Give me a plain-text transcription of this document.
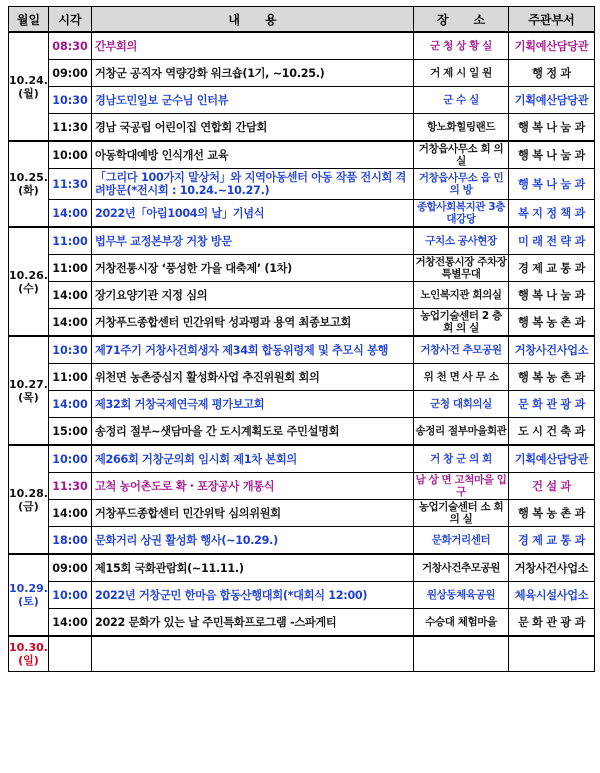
월일	시각	내      용	장      소	주관부서

10.24.
(월)	08:30	간부회의	군 청 상 황 실	기획예산담당관
	09:00	거창군 공직자 역량강화 워크숍(1기, ~10.25.)	거 제 시 일 원	행 정 과
	10:30	경남도민일보 군수님 인터뷰	군 수 실	기획예산담당관
	11:30	경남 국공립 어린이집 연합회 간담회	항노화힐링랜드	행 복 나 눔 과

10.25.
(화)	10:00	아동학대예방 인식개선 교육	거창읍사무소 회 의 실	행 복 나 눔 과
	11:30	「그리다 100가지 말상처」와 지역아동센터 아동 작품 전시회 격려방문(*전시회 : 10.24.~10.27.)	거창읍사무소 읍 민 의 방	행 복 나 눔 과
	14:00	2022년「아림1004의 날」기념식	종합사회복지관 3층 대강당	복 지 정 책 과

10.26.
(수)	11:00	법무부 교정본부장 거창 방문	구치소 공사현장	미 래 전 략 과
	11:00	거창전통시장 ‘풍성한 가을 대축제’ (1차)	거창전통시장 주차장특별무대	경 제 교 통 과
	14:00	장기요양기관 지정 심의	노인복지관 회의실	행 복 나 눔 과
	14:00	거창푸드종합센터 민간위탁 성과평과 용역 최종보고회	농업기술센터 2 층 회 의 실	행 복 농 촌 과

10.27.
(목)	10:30	제71주기 거창사건희생자 제34회 합동위령제 및 추모식 봉행	거창사건 추모공원	거창사건사업소
	11:00	위천면 농촌중심지 활성화사업 추진위원회 회의	위 천 면 사 무 소	행 복 농 촌 과
	14:00	제32회 거창국제연극제 평가보고회	군청 대회의실	문 화 관 광 과
	15:00	송정리 절부~샛담마을 간 도시계획도로 주민설명회	송정리 절부마을회관	도 시 건 축 과

10.28.
(금)	10:00	제266회 거창군의회 임시회 제1차 본회의	거 창 군 의 회	기획예산담당관
	11:30	고척 농어촌도로 확・포장공사 개통식	남 상 면 고척마을 입구	건 설 과
	14:00	거창푸드종합센터 민간위탁 심의위원회	농업기술센터 소 회 의 실	행 복 농 촌 과
	18:00	문화거리 상권 활성화 행사(~10.29.)	문화거리센터	경 제 교 통 과

10.29.
(토)	09:00	제15회 국화관람회(~11.11.)	거창사건추모공원	거창사건사업소
	10:00	2022년 거창군민 한마음 합동산행대회(*대회식 12:00)	원상동체육공원	체육시설사업소
	14:00	2022 문화가 있는 날 주민특화프로그램 -스파게티	수승대 체험마을	문 화 관 광 과

10.30.
(일)				
